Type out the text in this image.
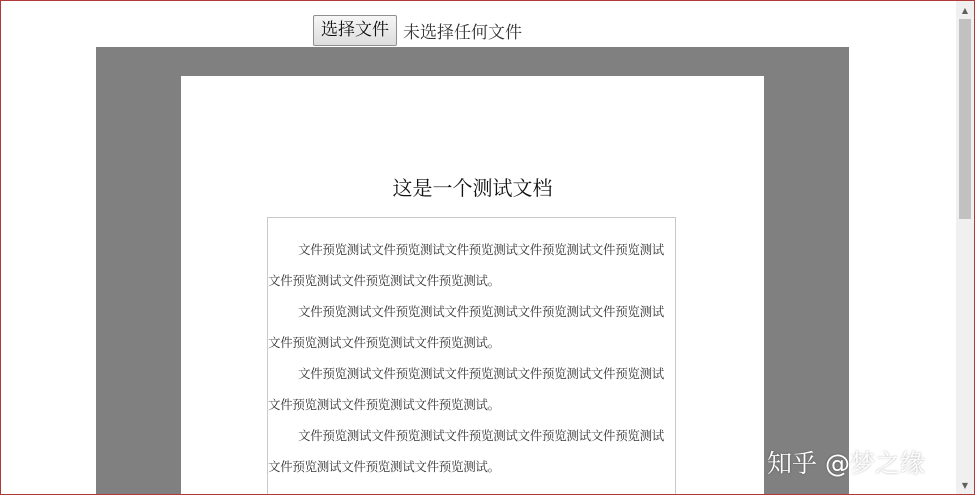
选择文件 未选择任何文件
这是一个测试文档

文件预览测试文件预览测试文件预览测试文件预览测试文件预览测试文件预览测试文件预览测试文件预览测试。

文件预览测试文件预览测试文件预览测试文件预览测试文件预览测试文件预览测试文件预览测试文件预览测试。

文件预览测试文件预览测试文件预览测试文件预览测试文件预览测试文件预览测试文件预览测试文件预览测试。

文件预览测试文件预览测试文件预览测试文件预览测试文件预览测试文件预览测试文件预览测试文件预览测试。	知乎 @梦之缘
▲
▼
